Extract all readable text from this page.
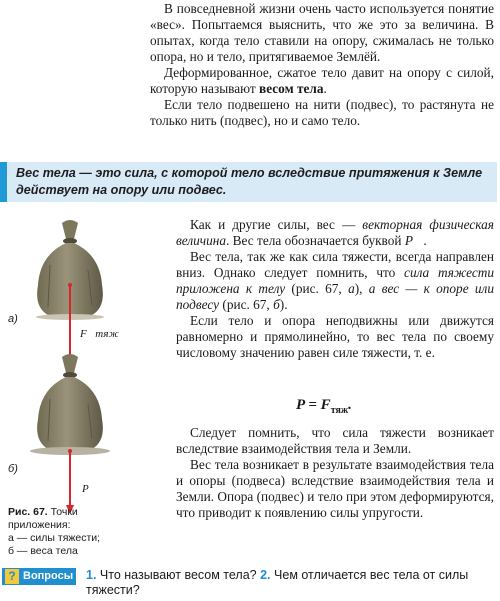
В повседневной жизни очень часто используется понятие «вес». Попытаемся выяснить, что же это за величина. В опытах, когда тело ставили на опору, сжималась не только опора, но и тело, притягиваемое Землёй.
Деформированное, сжатое тело давит на опору с силой, которую называют весом тела.
Если тело подвешено на нити (подвес), то растянута не только нить (подвес), но и само тело.
Вес тела — это сила, с которой тело вследствие притяжения к Земле действует на опору или подвес.
а)
F⃗тяж
б)
P⃗
Рис. 67. Точки приложения:
а — силы тяжести;
б — веса тела
Как и другие силы, вес — векторная физическая величина. Вес тела обозначается буквой P⃗.
Вес тела, так же как сила тяжести, всегда направлен вниз. Однако следует помнить, что сила тяжести приложена к телу (рис. 67, а), а вес — к опоре или подвесу (рис. 67, б).
Если тело и опора неподвижны или движутся равномерно и прямолинейно, то вес тела по своему числовому значению равен силе тяжести, т. е.
$P = F_{тяж}$.
Следует помнить, что сила тяжести возникает вследствие взаимодействия тела и Земли.
Вес тела возникает в результате взаимодействия тела и опоры (подвеса) вследствие взаимодействия тела и Земли. Опора (подвес) и тело при этом деформируются, что приводит к появлению силы упругости.
? Вопросы 1. Что называют весом тела? 2. Чем отличается вес тела от силы тяжести?
